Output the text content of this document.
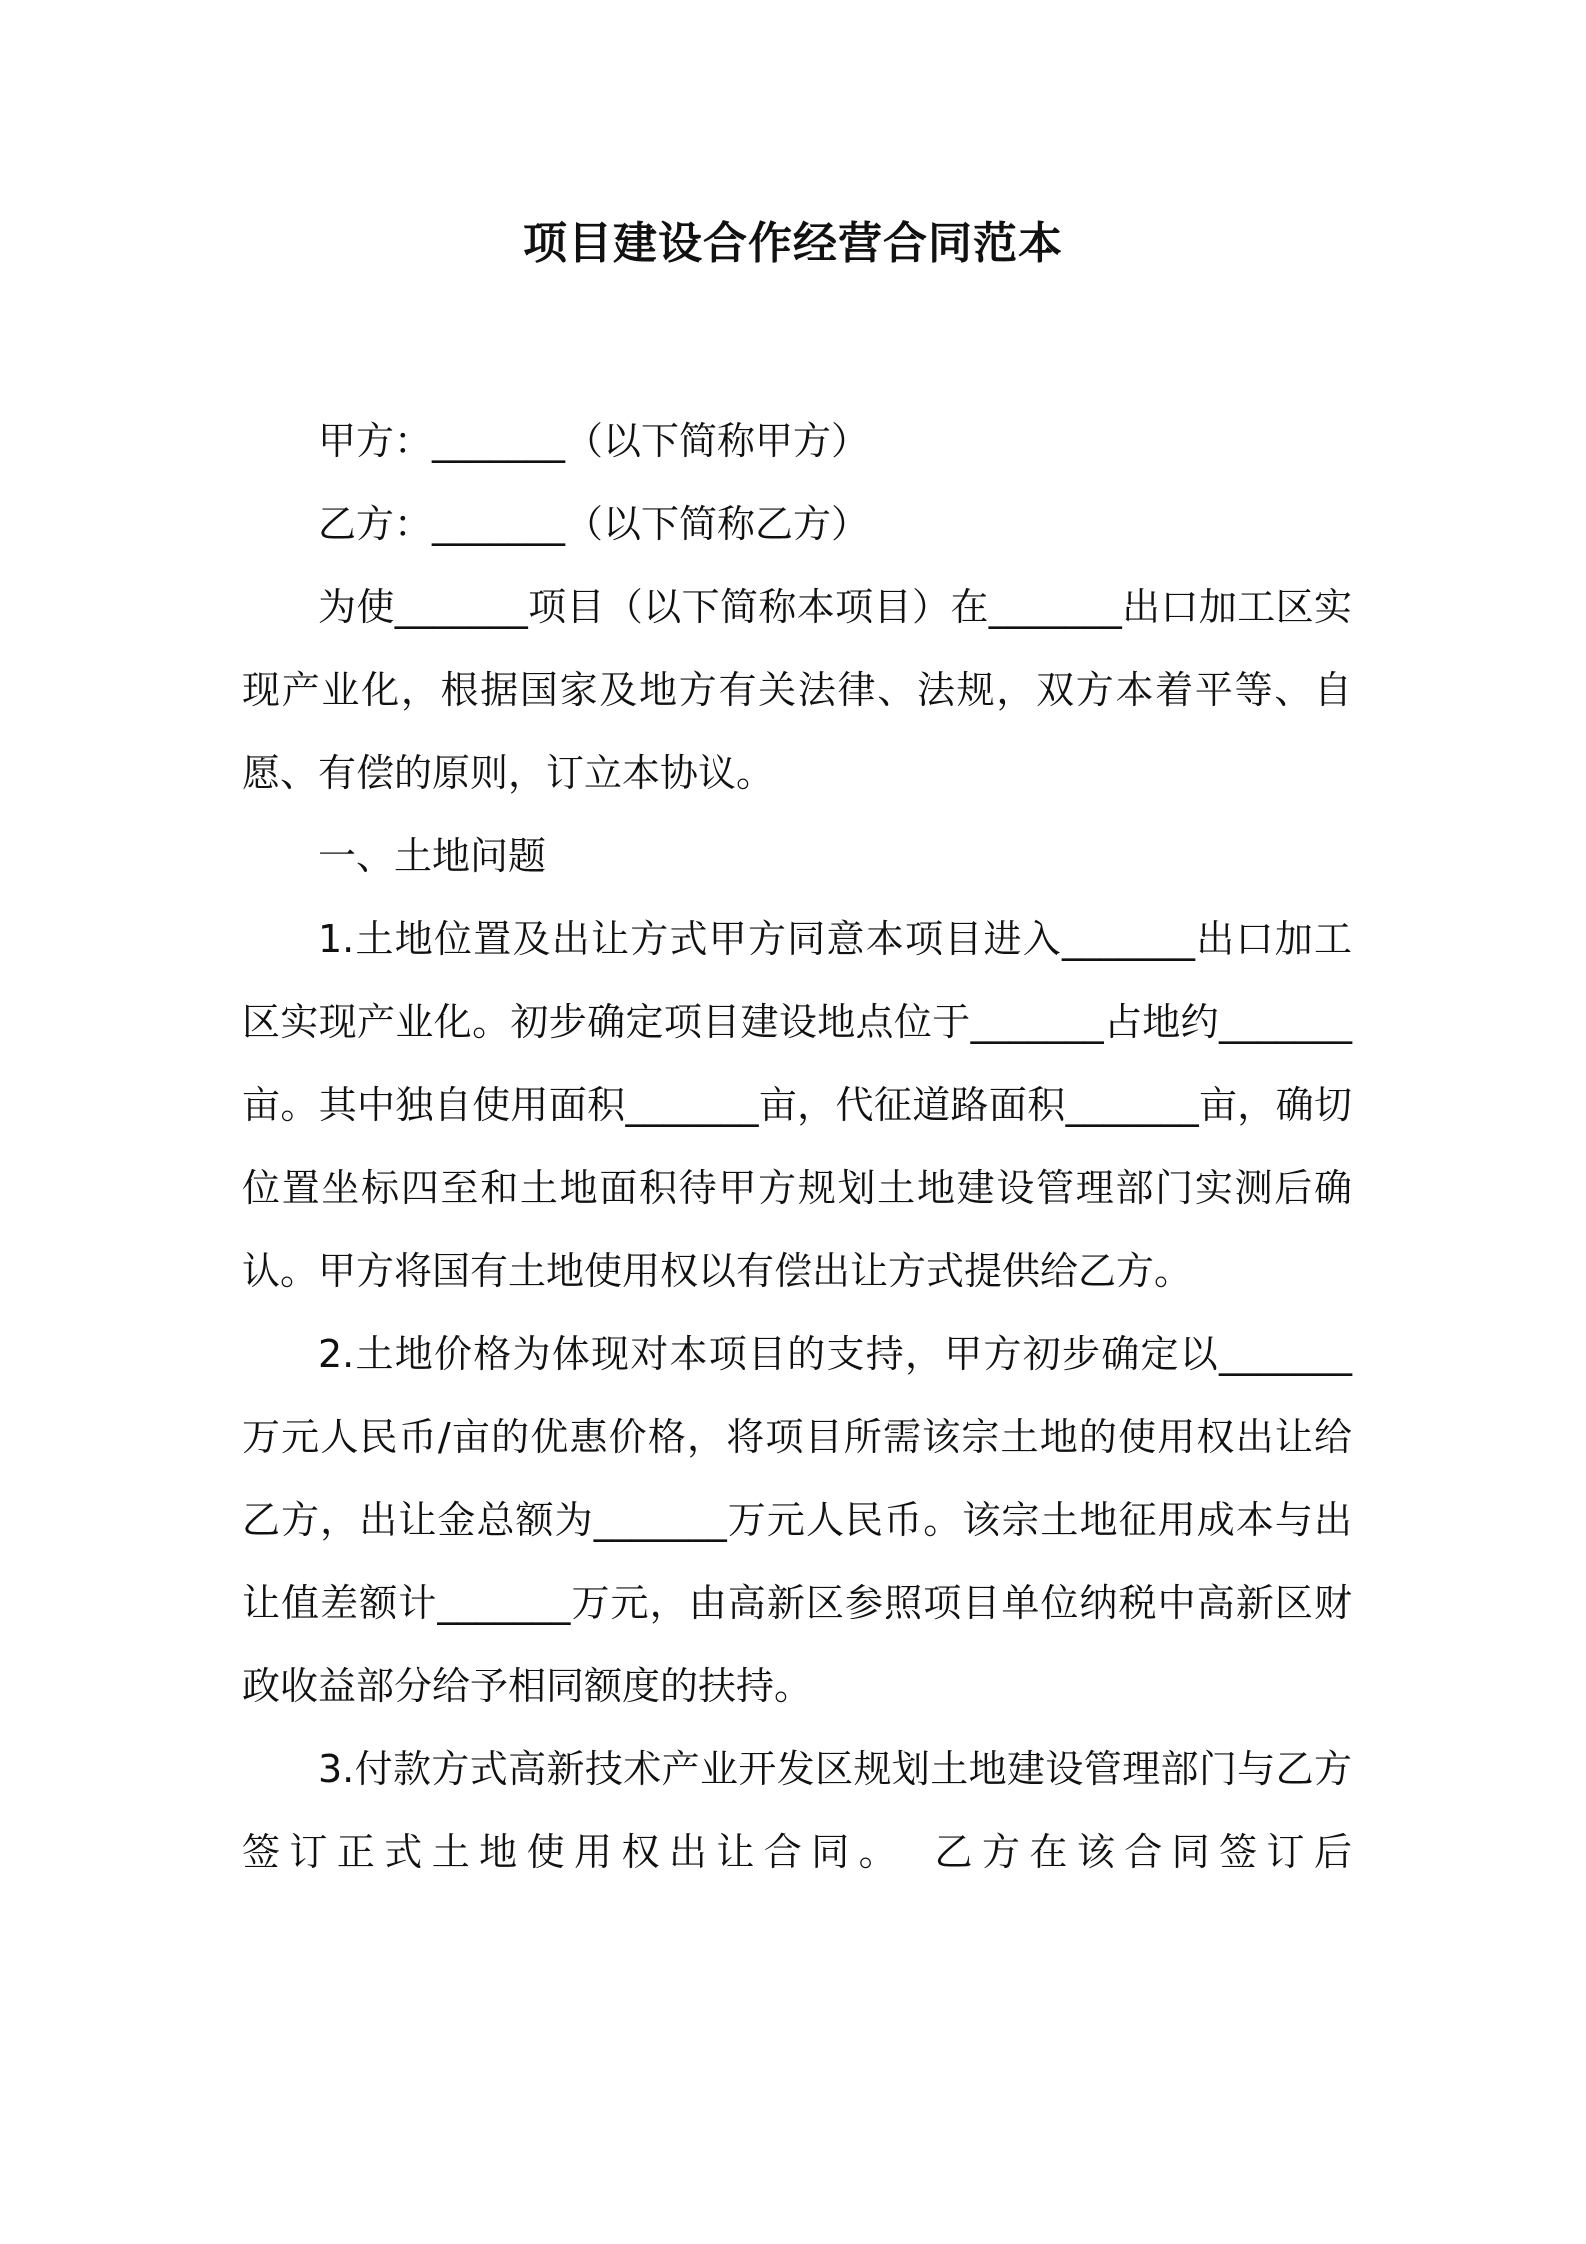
项目建设合作经营合同范本

甲方：_______（以下简称甲方）

乙方：_______（以下简称乙方）

为使_______项目（以下简称本项目）在_______出口加工区实现产业化，根据国家及地方有关法律、法规，双方本着平等、自愿、有偿的原则，订立本协议。

一、土地问题

1.土地位置及出让方式甲方同意本项目进入_______出口加工区实现产业化。初步确定项目建设地点位于_______占地约_______亩。其中独自使用面积_______亩，代征道路面积_______亩，确切位置坐标四至和土地面积待甲方规划土地建设管理部门实测后确认。甲方将国有土地使用权以有偿出让方式提供给乙方。

2.土地价格为体现对本项目的支持，甲方初步确定以_______万元人民币/亩的优惠价格，将项目所需该宗土地的使用权出让给乙方，出让金总额为_______万元人民币。该宗土地征用成本与出让值差额计_______万元，由高新区参照项目单位纳税中高新区财政收益部分给予相同额度的扶持。

3.付款方式高新技术产业开发区规划土地建设管理部门与乙方签订正式土地使用权出让合同。　乙方在该合同签订后
